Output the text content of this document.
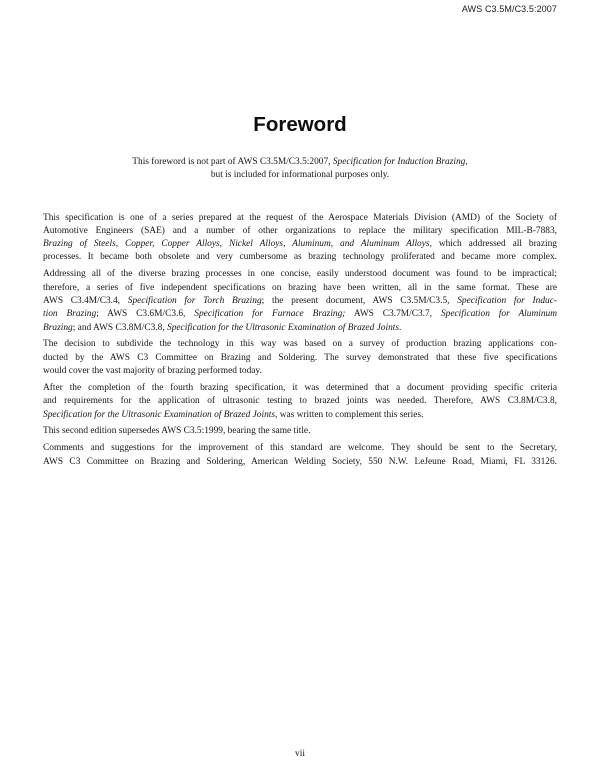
AWS C3.5M/C3.5:2007
Foreword
This foreword is not part of AWS C3.5M/C3.5:2007, Specification for Induction Brazing,
but is included for informational purposes only.
This specification is one of a series prepared at the request of the Aerospace Materials Division (AMD) of the Society of
Automotive Engineers (SAE) and a number of other organizations to replace the military specification MIL-B-7883,
Brazing of Steels, Copper, Copper Alloys, Nickel Alloys, Aluminum, and Aluminum Alloys, which addressed all brazing
processes. It became both obsolete and very cumbersome as brazing technology proliferated and became more complex.
Addressing all of the diverse brazing processes in one concise, easily understood document was found to be impractical;
therefore, a series of five independent specifications on brazing have been written, all in the same format. These are
AWS C3.4M/C3.4, Specification for Torch Brazing; the present document, AWS C3.5M/C3.5, Specification for Induc-
tion Brazing; AWS C3.6M/C3.6, Specification for Furnace Brazing; AWS C3.7M/C3.7, Specification for Aluminum
Brazing; and AWS C3.8M/C3.8, Specification for the Ultrasonic Examination of Brazed Joints.
The decision to subdivide the technology in this way was based on a survey of production brazing applications con-
ducted by the AWS C3 Committee on Brazing and Soldering. The survey demonstrated that these five specifications
would cover the vast majority of brazing performed today.
After the completion of the fourth brazing specification, it was determined that a document providing specific criteria
and requirements for the application of ultrasonic testing to brazed joints was needed. Therefore, AWS C3.8M/C3.8,
Specification for the Ultrasonic Examination of Brazed Joints, was written to complement this series.
This second edition supersedes AWS C3.5:1999, bearing the same title.
Comments and suggestions for the improvement of this standard are welcome. They should be sent to the Secretary,
AWS C3 Committee on Brazing and Soldering, American Welding Society, 550 N.W. LeJeune Road, Miami, FL 33126.
vii
